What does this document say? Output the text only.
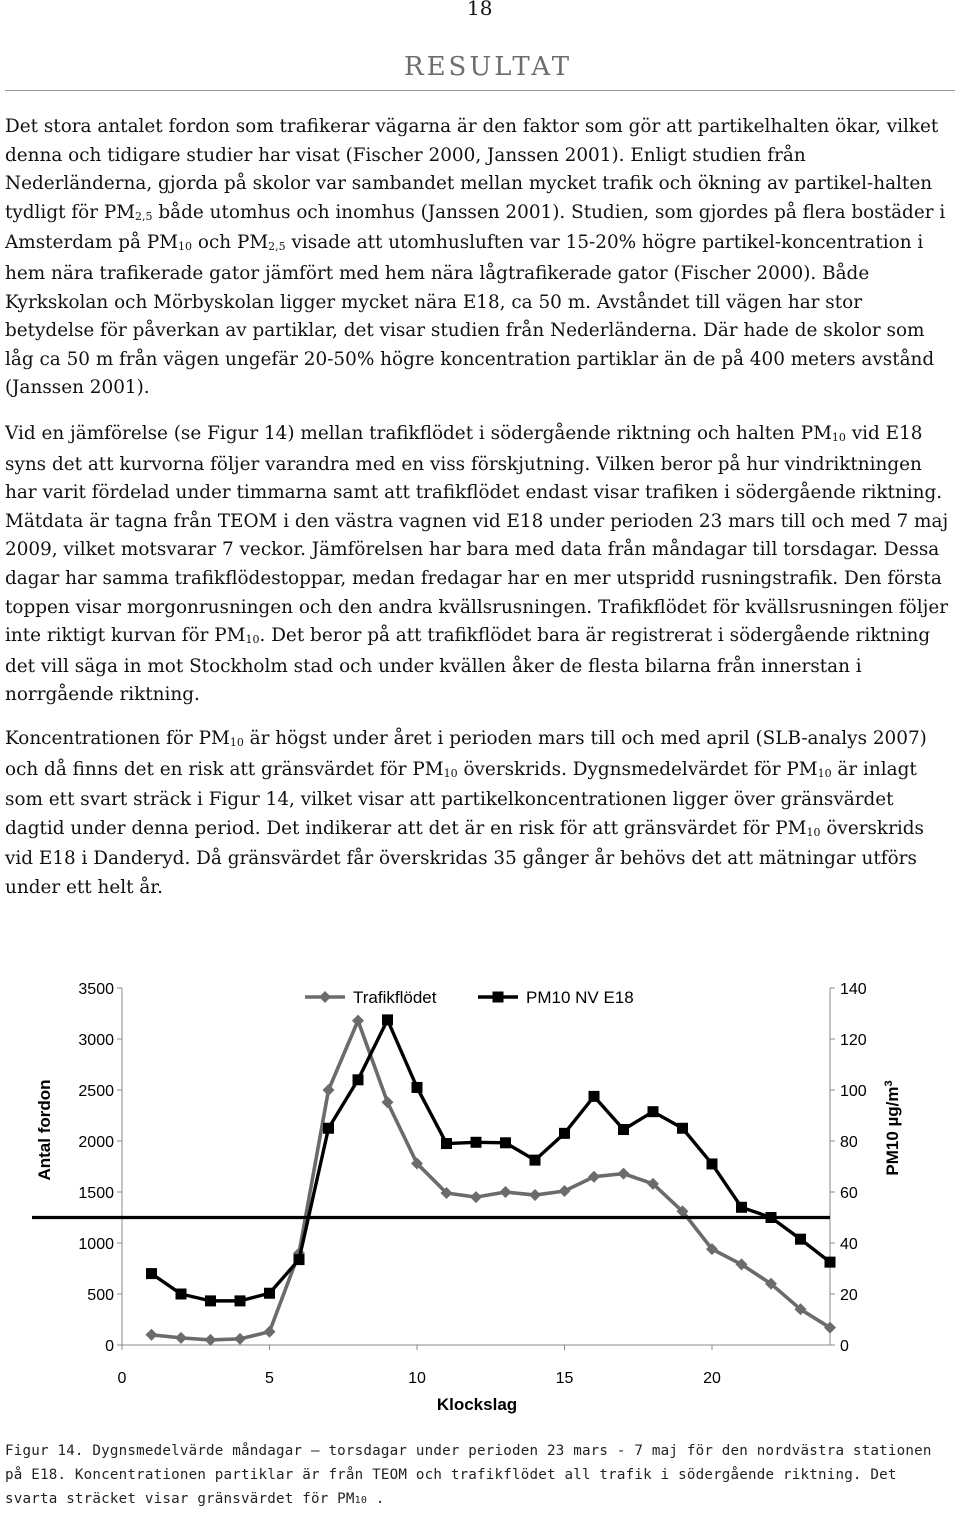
18
RESULTAT

Det stora antalet fordon som trafikerar vägarna är den faktor som gör att partikelhalten ökar, vilket denna och tidigare studier har visat (Fischer 2000, Janssen 2001). Enligt studien från Nederländerna, gjorda på skolor var sambandet mellan mycket trafik och ökning av partikel-halten tydligt för $PM_{2,5}$ både utomhus och inomhus (Janssen 2001). Studien, som gjordes på flera bostäder i Amsterdam på $PM_{10}$ och $PM_{2,5}$ visade att utomhusluften var 15-20% högre partikel-koncentration i hem nära trafikerade gator jämfört med hem nära lågtrafikerade gator (Fischer 2000). Både Kyrkskolan och Mörbyskolan ligger mycket nära E18, ca 50 m. Avståndet till vägen har stor betydelse för påverkan av partiklar, det visar studien från Nederländerna. Där hade de skolor som låg ca 50 m från vägen ungefär 20-50% högre koncentration partiklar än de på 400 meters avstånd (Janssen 2001).

Vid en jämförelse (se Figur 14) mellan trafikflödet i södergående riktning och halten $PM_{10}$ vid E18 syns det att kurvorna följer varandra med en viss förskjutning. Vilken beror på hur vindriktningen har varit fördelad under timmarna samt att trafikflödet endast visar trafiken i södergående riktning. Mätdata är tagna från TEOM i den västra vagnen vid E18 under perioden 23 mars till och med 7 maj 2009, vilket motsvarar 7 veckor. Jämförelsen har bara med data från måndagar till torsdagar. Dessa dagar har samma trafikflödestoppar, medan fredagar har en mer utspridd rusningstrafik. Den första toppen visar morgonrusningen och den andra kvällsrusningen. Trafikflödet för kvällsrusningen följer inte riktigt kurvan för $PM_{10}$. Det beror på att trafikflödet bara är registrerat i södergående riktning det vill säga in mot Stockholm stad och under kvällen åker de flesta bilarna från innerstan i norrgående riktning.

Koncentrationen för $PM_{10}$ är högst under året i perioden mars till och med april (SLB-analys 2007) och då finns det en risk att gränsvärdet för $PM_{10}$ överskrids. Dygnsmedelvärdet för $PM_{10}$ är inlagt som ett svart sträck i Figur 14, vilket visar att partikelkoncentrationen ligger över gränsvärdet dagtid under denna period. Det indikerar att det är en risk för att gränsvärdet för $PM_{10}$ överskrids vid E18 i Danderyd. Då gränsvärdet får överskridas 35 gånger år behövs det att mätningar utförs under ett helt år.

0
500
1000
1500
2000
2500
3000
3500
0
20
40
60
80
100
120
140
0	5	10	15	20
Trafikflödet	PM10 NV E18
Antal fordon	PM10 $\mu g/m^3$
Klockslag

Figur 14. Dygnsmedelvärde måndagar – torsdagar under perioden 23 mars - 7 maj för den nordvästra stationen på E18. Koncentrationen partiklar är från TEOM och trafikflödet all trafik i södergående riktning. Det svarta sträcket visar gränsvärdet för PM10 .
